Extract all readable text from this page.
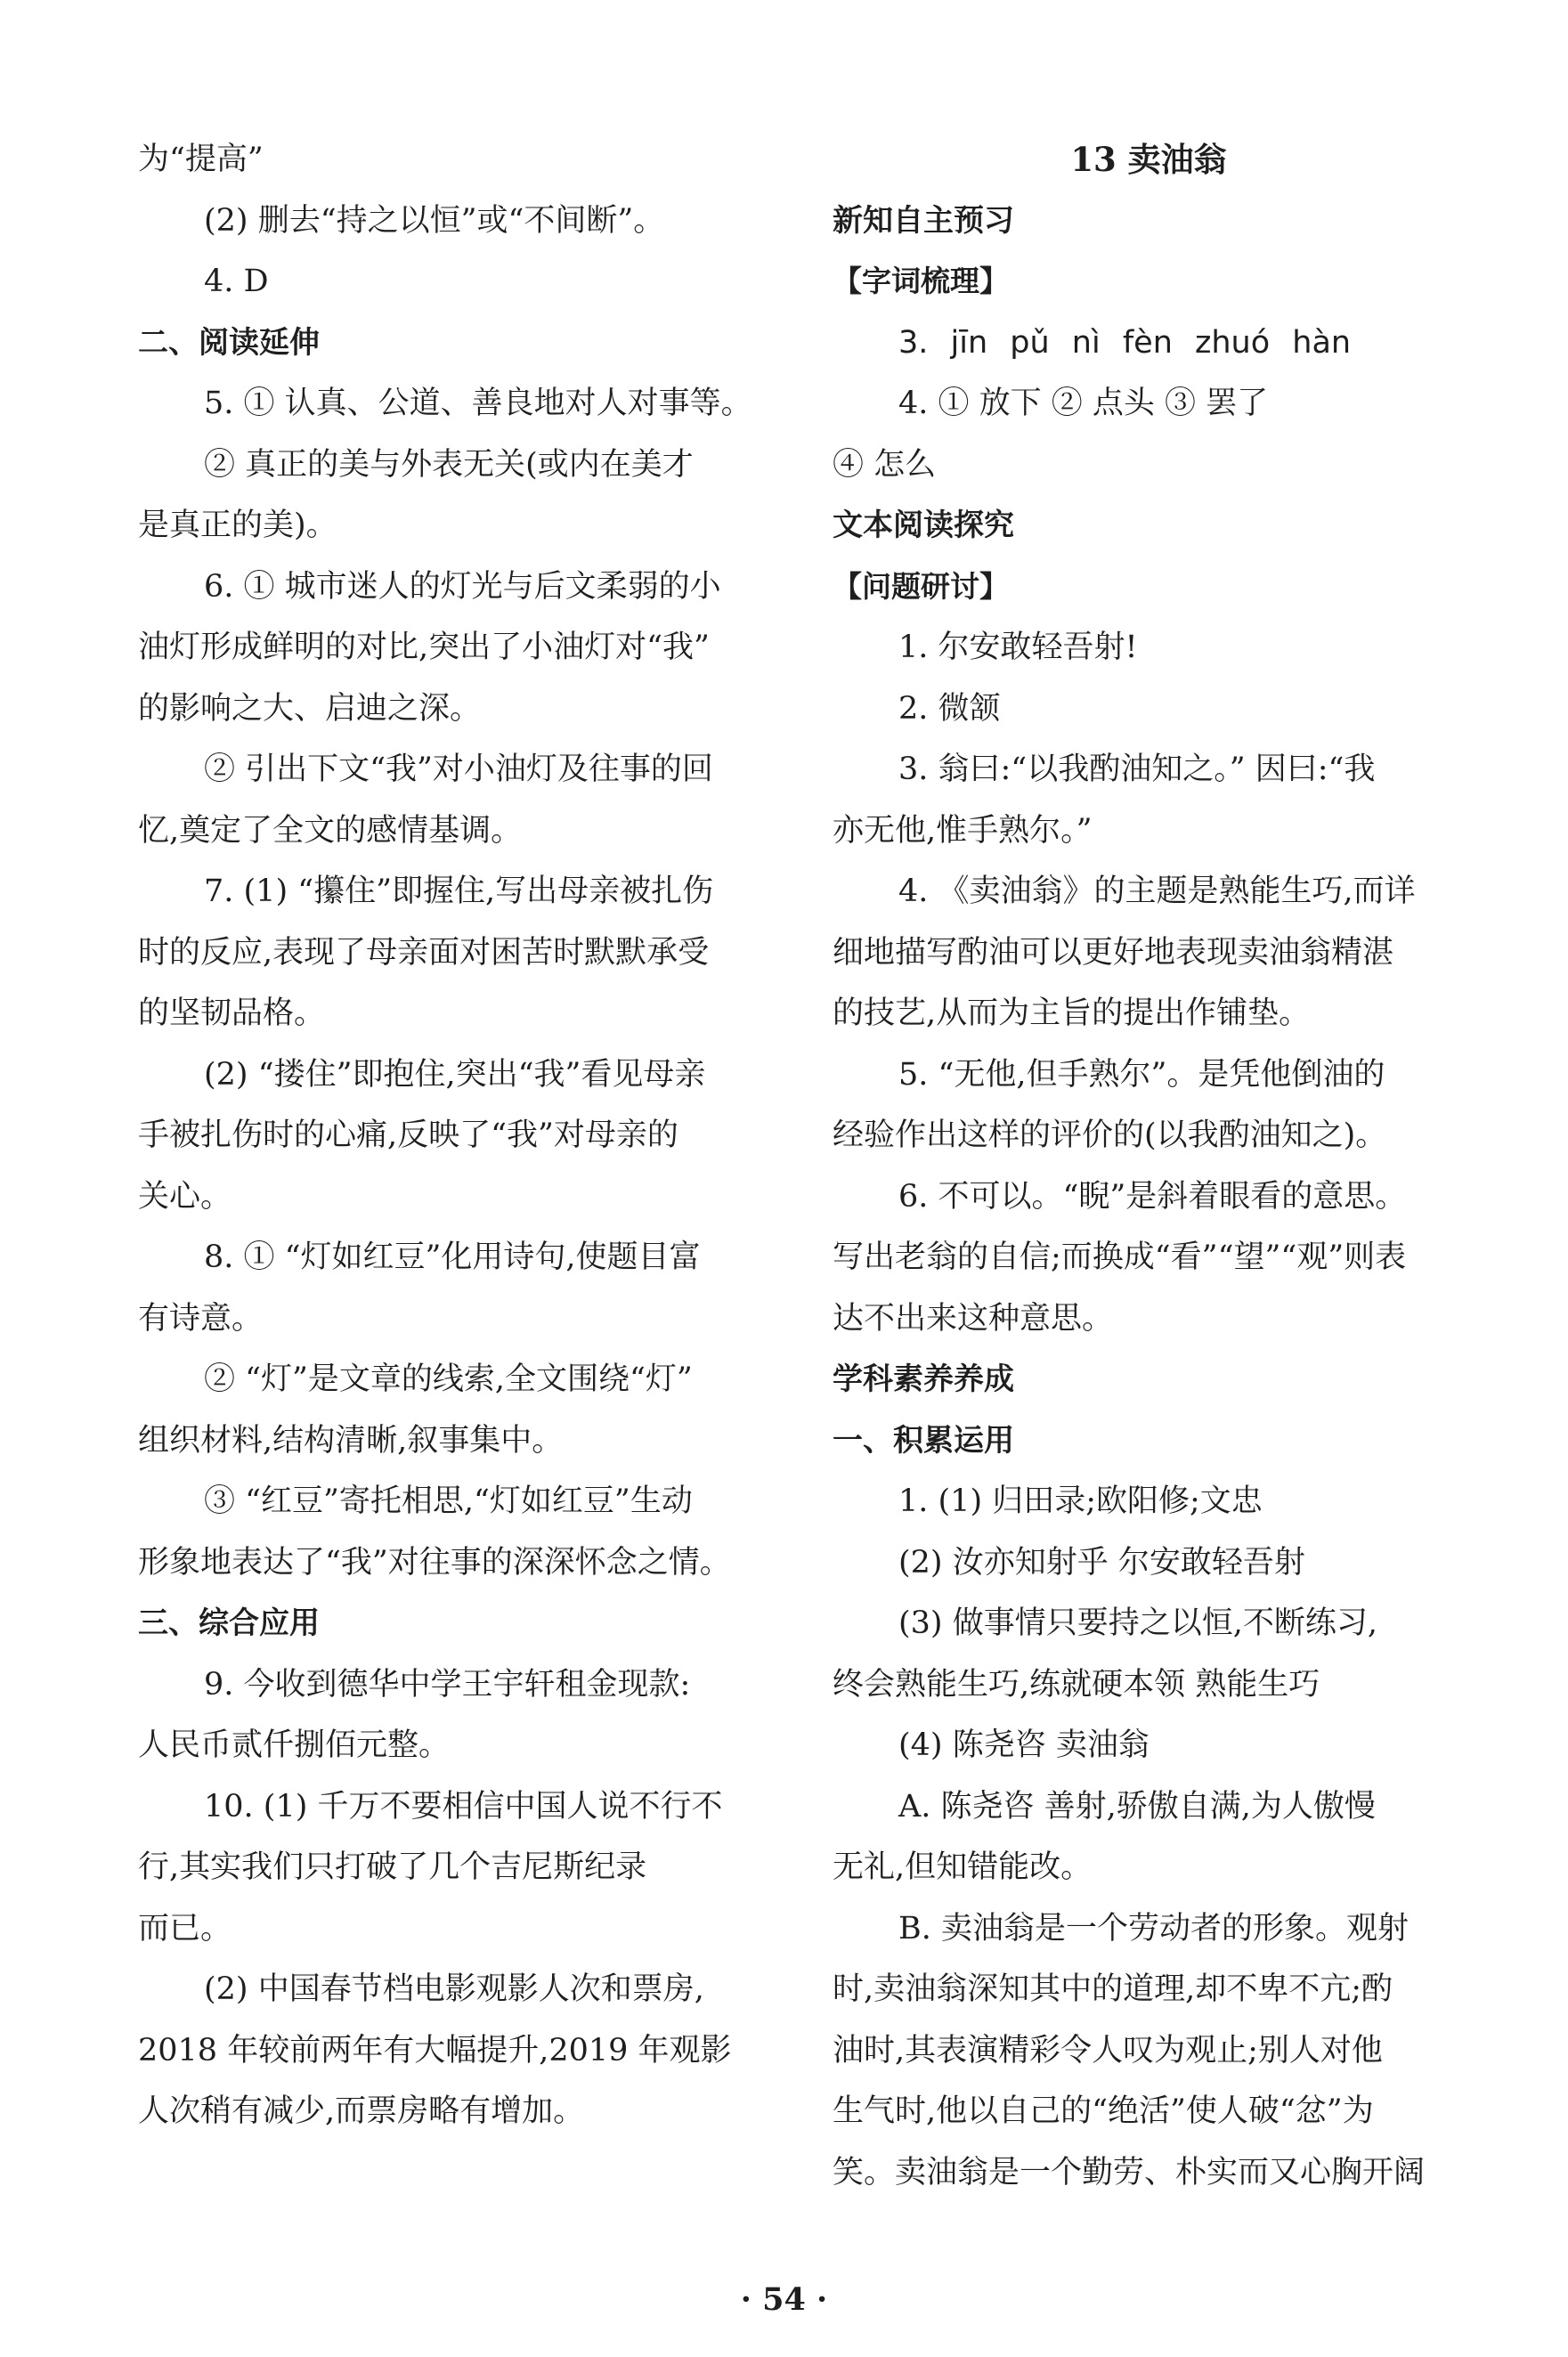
为“提高”
(2) 删去“持之以恒”或“不间断”。
4. D
二、阅读延伸
5. ① 认真、公道、善良地对人对事等。
② 真正的美与外表无关(或内在美才
是真正的美)。
6. ① 城市迷人的灯光与后文柔弱的小
油灯形成鲜明的对比,突出了小油灯对“我”
的影响之大、启迪之深。
② 引出下文“我”对小油灯及往事的回
忆,奠定了全文的感情基调。
7. (1) “攥住”即握住,写出母亲被扎伤
时的反应,表现了母亲面对困苦时默默承受
的坚韧品格。
(2) “搂住”即抱住,突出“我”看见母亲
手被扎伤时的心痛,反映了“我”对母亲的
关心。
8. ① “灯如红豆”化用诗句,使题目富
有诗意。
② “灯”是文章的线索,全文围绕“灯”
组织材料,结构清晰,叙事集中。
③ “红豆”寄托相思,“灯如红豆”生动
形象地表达了“我”对往事的深深怀念之情。
三、综合应用
9. 今收到德华中学王宇轩租金现款:
人民币贰仟捌佰元整。
10. (1) 千万不要相信中国人说不行不
行,其实我们只打破了几个吉尼斯纪录
而已。
(2) 中国春节档电影观影人次和票房,
2018 年较前两年有大幅提升,2019 年观影
人次稍有减少,而票房略有增加。
13 卖油翁
新知自主预习
【字词梳理】
3. jīn pǔ nì fèn zhuó hàn
4. ① 放下 ② 点头 ③ 罢了
④ 怎么
文本阅读探究
【问题研讨】
1. 尔安敢轻吾射!
2. 微颔
3. 翁曰:“以我酌油知之。” 因曰:“我
亦无他,惟手熟尔。”
4. 《卖油翁》的主题是熟能生巧,而详
细地描写酌油可以更好地表现卖油翁精湛
的技艺,从而为主旨的提出作铺垫。
5. “无他,但手熟尔”。是凭他倒油的
经验作出这样的评价的(以我酌油知之)。
6. 不可以。“睨”是斜着眼看的意思。
写出老翁的自信;而换成“看”“望”“观”则表
达不出来这种意思。
学科素养养成
一、积累运用
1. (1) 归田录;欧阳修;文忠
(2) 汝亦知射乎 尔安敢轻吾射
(3) 做事情只要持之以恒,不断练习,
终会熟能生巧,练就硬本领 熟能生巧
(4) 陈尧咨 卖油翁
A. 陈尧咨 善射,骄傲自满,为人傲慢
无礼,但知错能改。
B. 卖油翁是一个劳动者的形象。观射
时,卖油翁深知其中的道理,却不卑不亢;酌
油时,其表演精彩令人叹为观止;别人对他
生气时,他以自己的“绝活”使人破“忿”为
笑。卖油翁是一个勤劳、朴实而又心胸开阔
· 54 ·
